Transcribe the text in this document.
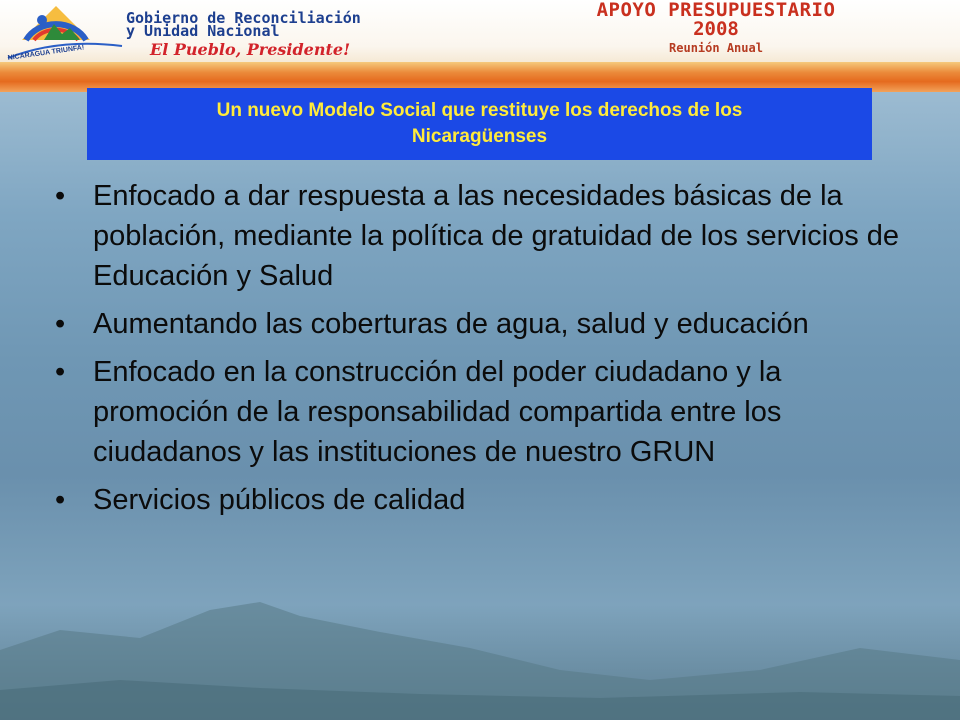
NICARAGUA TRIUNFA!

Gobierno de Reconciliación
y Unidad Nacional

El Pueblo, Presidente!

APOYO PRESUPUESTARIO
2008
Reunión Anual
Un nuevo Modelo Social que restituye los derechos de los
Nicaragüenses
• Enfocado a dar respuesta a las necesidades básicas de la población, mediante la política de gratuidad de los servicios de Educación y Salud
• Aumentando las coberturas de agua, salud y educación
• Enfocado en la construcción del poder ciudadano y la promoción de la responsabilidad compartida entre los ciudadanos y las instituciones de nuestro GRUN
• Servicios públicos de calidad
